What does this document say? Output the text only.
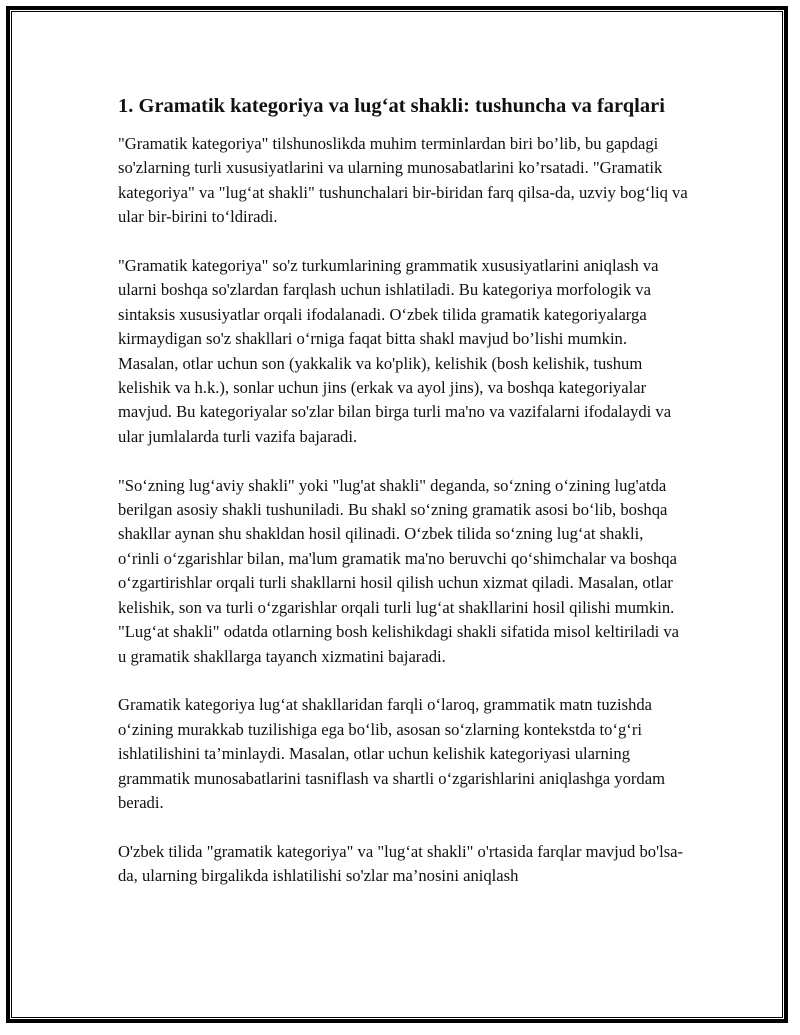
1. Gramatik kategoriya va lug‘at shakli: tushuncha va farqlari

"Gramatik kategoriya" tilshunoslikda muhim terminlardan biri bo’lib, bu gapdagi so'zlarning turli xususiyatlarini va ularning munosabatlarini ko’rsatadi. "Gramatik kategoriya" va "lug‘at shakli" tushunchalari bir-biridan farq qilsa-da, uzviy bog‘liq va ular bir-birini to‘ldiradi.

"Gramatik kategoriya" so'z turkumlarining grammatik xususiyatlarini aniqlash va ularni boshqa so'zlardan farqlash uchun ishlatiladi. Bu kategoriya morfologik va sintaksis xususiyatlar orqali ifodalanadi. O‘zbek tilida gramatik kategoriyalarga kirmaydigan so'z shakllari o‘rniga faqat bitta shakl mavjud bo’lishi mumkin. Masalan, otlar uchun son (yakkalik va ko'plik), kelishik (bosh kelishik, tushum kelishik va h.k.), sonlar uchun jins (erkak va ayol jins), va boshqa kategoriyalar mavjud. Bu kategoriyalar so'zlar bilan birga turli ma'no va vazifalarni ifodalaydi va ular jumlalarda turli vazifa bajaradi.

"So‘zning lug‘aviy shakli" yoki "lug'at shakli" deganda, so‘zning o‘zining lug'atda berilgan asosiy shakli tushuniladi. Bu shakl so‘zning gramatik asosi bo‘lib, boshqa shakllar aynan shu shakldan hosil qilinadi. O‘zbek tilida so‘zning lug‘at shakli, o‘rinli o‘zgarishlar bilan, ma'lum gramatik ma'no beruvchi qo‘shimchalar va boshqa o‘zgartirishlar orqali turli shakllarni hosil qilish uchun xizmat qiladi. Masalan, otlar kelishik, son va turli o‘zgarishlar orqali turli lug‘at shakllarini hosil qilishi mumkin. "Lug‘at shakli" odatda otlarning bosh kelishikdagi shakli sifatida misol keltiriladi va u gramatik shakllarga tayanch xizmatini bajaradi.

Gramatik kategoriya lug‘at shakllaridan farqli o‘laroq, grammatik matn tuzishda o‘zining murakkab tuzilishiga ega bo‘lib, asosan so‘zlarning kontekstda to‘g‘ri ishlatilishini ta’minlaydi. Masalan, otlar uchun kelishik kategoriyasi ularning grammatik munosabatlarini tasniflash va shartli o‘zgarishlarini aniqlashga yordam beradi.

O'zbek tilida "gramatik kategoriya" va "lug‘at shakli" o'rtasida farqlar mavjud bo'lsa-da, ularning birgalikda ishlatilishi so'zlar ma’nosini aniqlash
